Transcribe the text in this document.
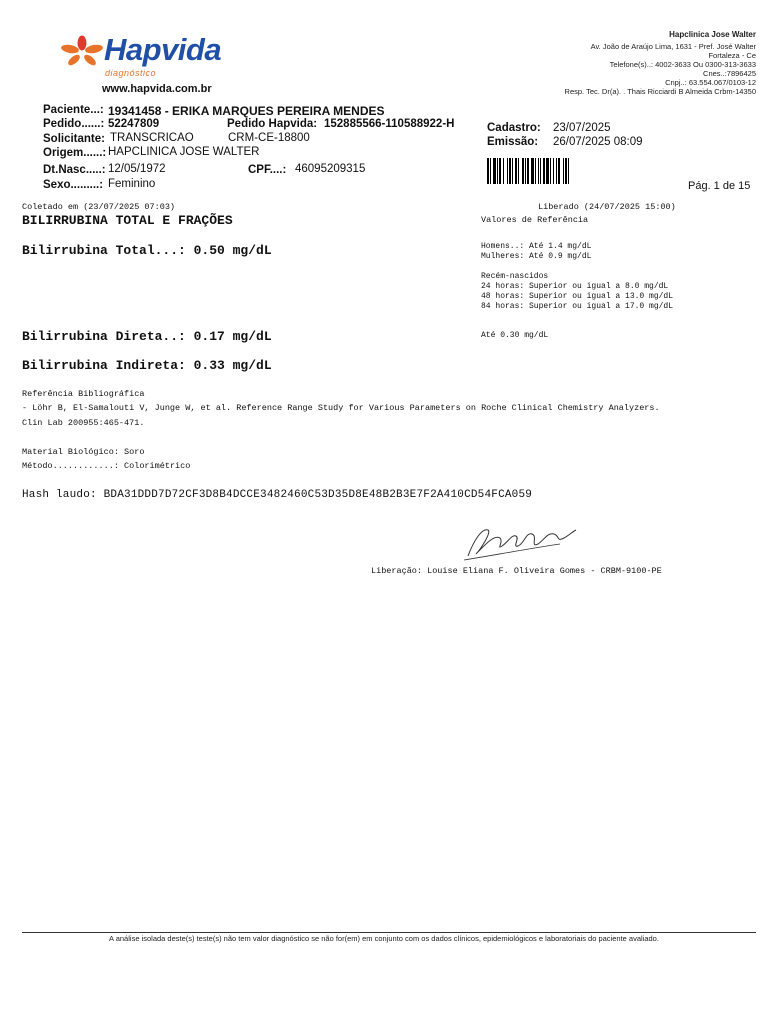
Hapvida
diagnóstico
www.hapvida.com.br
Hapclinica Jose Walter
Av. João de Araújo Lima, 1631 - Pref. José Walter
Fortaleza - Ce
Telefone(s)..: 4002-3633 Ou 0300-313-3633
Cnes..:7896425
Cnpj..: 63.554.067/0103-12
Resp. Tec. Dr(a). . Thais Ricciardi B Almeida Crbm-14350
Paciente...: 19341458 - ERIKA MARQUES PEREIRA MENDES
Pedido......: 52247809	Pedido Hapvida: 152885566-110588922-H
Solicitante: TRANSCRICAO	CRM-CE-18800
Origem......: HAPCLINICA JOSE WALTER
Dt.Nasc.....: 12/05/1972	CPF....: 46095209315
Sexo.........: Feminino
Cadastro: 23/07/2025
Emissão: 26/07/2025 08:09
Pág. 1 de 15
Coletado em (23/07/2025 07:03)	Liberado (24/07/2025 15:00)
BILIRRUBINA TOTAL E FRAÇÕES	Valores de Referência
Bilirrubina Total...: 0.50 mg/dL	Homens..: Até 1.4 mg/dL
Mulheres: Até 0.9 mg/dL
Recém-nascidos
24 horas: Superior ou igual a 8.0 mg/dL
48 horas: Superior ou igual a 13.0 mg/dL
84 horas: Superior ou igual a 17.0 mg/dL
Bilirrubina Direta..: 0.17 mg/dL	Até 0.30 mg/dL
Bilirrubina Indireta: 0.33 mg/dL
Referência Bibliográfica
- Löhr B, El-Samalouti V, Junge W, et al. Reference Range Study for Various Parameters on Roche Clinical Chemistry Analyzers.
Clin Lab 200955:465-471.
Material Biológico: Soro
Método............: Colorimétrico
Hash laudo: BDA31DDD7D72CF3D8B4DCCE3482460C53D35D8E48B2B3E7F2A410CD54FCA059
Liberação: Louise Eliana F. Oliveira Gomes - CRBM-9100-PE
A análise isolada deste(s) teste(s) não tem valor diagnóstico se não for(em) em conjunto com os dados clínicos, epidemiológicos e laboratoriais do paciente avaliado.
